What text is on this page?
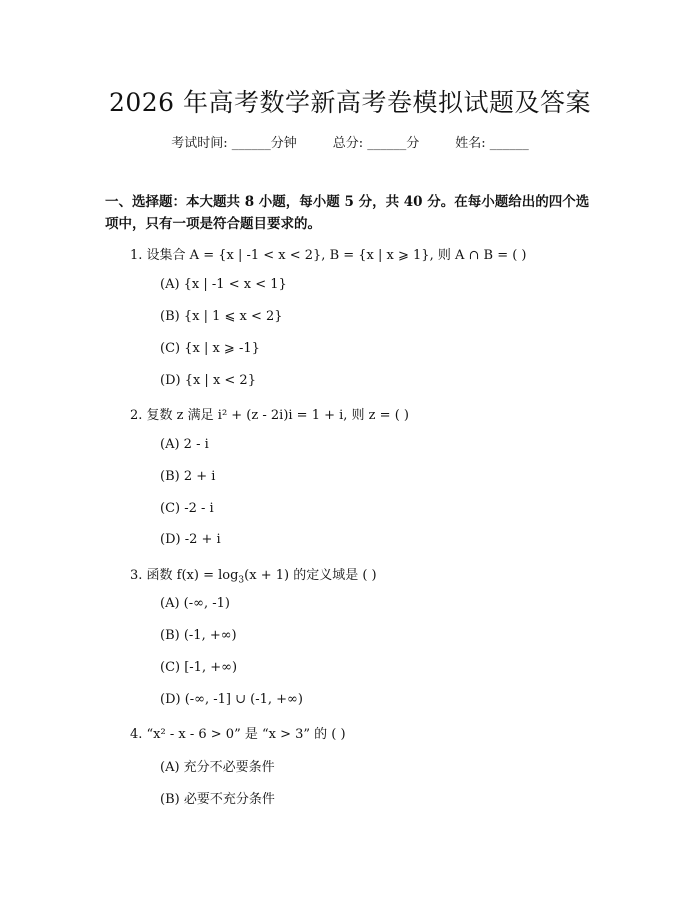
2026 年高考数学新高考卷模拟试题及答案
考试时间: ______分钟	总分: ______分	姓名: ______
一、选择题：本大题共 8 小题，每小题 5 分，共 40 分。在每小题给出的四个选项中，只有一项是符合题目要求的。
1. 设集合 A = {x | -1 < x < 2}, B = {x | x ⩾ 1}, 则 A ∩ B = ( )
(A) {x | -1 < x < 1}
(B) {x | 1 ⩽ x < 2}
(C) {x | x ⩾ -1}
(D) {x | x < 2}
2. 复数 z 满足 i² + (z - 2i)i = 1 + i, 则 z = ( )
(A) 2 - i
(B) 2 + i
(C) -2 - i
(D) -2 + i
3. 函数 $f(x) = \log_3(x + 1)$ 的定义域是 ( )
(A) (-∞, -1)
(B) (-1, +∞)
(C) [-1, +∞)
(D) (-∞, -1] ∪ (-1, +∞)
4. “x² - x - 6 > 0” 是 “x > 3” 的 ( )
(A) 充分不必要条件
(B) 必要不充分条件
